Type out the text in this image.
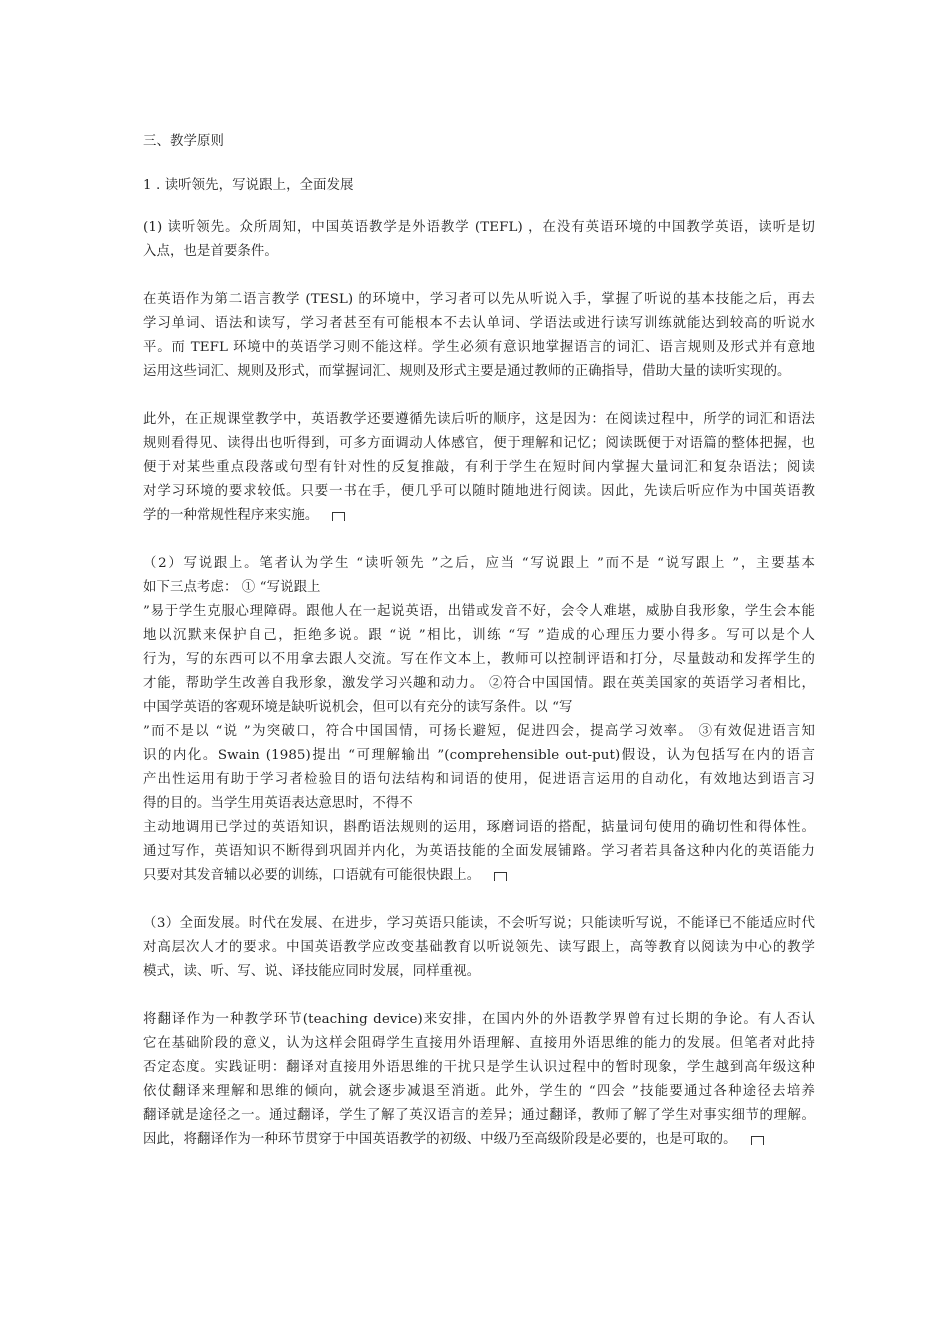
三、教学原则

1 . 读听领先，写说跟上，全面发展

(1) 读听领先。众所周知，中国英语教学是外语教学 (TEFL) ，在没有英语环境的中国教学英语，读听是切
入点，也是首要条件。

在英语作为第二语言教学 (TESL) 的环境中，学习者可以先从听说入手，掌握了听说的基本技能之后，再去
学习单词、语法和读写，学习者甚至有可能根本不去认单词、学语法或进行读写训练就能达到较高的听说水
平。而 TEFL 环境中的英语学习则不能这样。学生必须有意识地掌握语言的词汇、语言规则及形式并有意地
运用这些词汇、规则及形式，而掌握词汇、规则及形式主要是通过教师的正确指导，借助大量的读听实现的。

此外，在正规课堂教学中，英语教学还要遵循先读后听的顺序，这是因为：在阅读过程中，所学的词汇和语法
规则看得见、读得出也听得到，可多方面调动人体感官，便于理解和记忆；阅读既便于对语篇的整体把握，也
便于对某些重点段落或句型有针对性的反复推敲，有利于学生在短时间内掌握大量词汇和复杂语法；阅读
对学习环境的要求较低。只要一书在手，便几乎可以随时随地进行阅读。因此，先读后听应作为中国英语教
学的一种常规性程序来实施。

（2）写说跟上。笔者认为学生 “读听领先 ”之后，应当 “写说跟上 ”而不是 “说写跟上 ”，主要基本
如下三点考虑： ① “写说跟上
”易于学生克服心理障碍。跟他人在一起说英语，出错或发音不好，会令人难堪，威胁自我形象，学生会本能
地以沉默来保护自己，拒绝多说。跟 “说 ”相比，训练 “写 ”造成的心理压力要小得多。写可以是个人
行为，写的东西可以不用拿去跟人交流。写在作文本上，教师可以控制评语和打分，尽量鼓动和发挥学生的
才能，帮助学生改善自我形象，激发学习兴趣和动力。 ②符合中国国情。跟在英美国家的英语学习者相比，
中国学英语的客观环境是缺听说机会，但可以有充分的读写条件。以 “写
”而不是以 “说 ”为突破口，符合中国国情，可扬长避短，促进四会，提高学习效率。 ③有效促进语言知
识的内化。Swain (1985)提出 “可理解输出 ”(comprehensible out-put)假设，认为包括写在内的语言
产出性运用有助于学习者检验目的语句法结构和词语的使用，促进语言运用的自动化，有效地达到语言习
得的目的。当学生用英语表达意思时，不得不
主动地调用已学过的英语知识，斟酌语法规则的运用，琢磨词语的搭配，掂量词句使用的确切性和得体性。
通过写作，英语知识不断得到巩固并内化，为英语技能的全面发展铺路。学习者若具备这种内化的英语能力
只要对其发音辅以必要的训练，口语就有可能很快跟上。

（3）全面发展。时代在发展、在进步，学习英语只能读，不会听写说；只能读听写说，不能译已不能适应时代
对高层次人才的要求。中国英语教学应改变基础教育以听说领先、读写跟上，高等教育以阅读为中心的教学
模式，读、听、写、说、译技能应同时发展，同样重视。

将翻译作为一种教学环节(teaching device)来安排，在国内外的外语教学界曾有过长期的争论。有人否认
它在基础阶段的意义，认为这样会阻碍学生直接用外语理解、直接用外语思维的能力的发展。但笔者对此持
否定态度。实践证明：翻译对直接用外语思维的干扰只是学生认识过程中的暂时现象，学生越到高年级这种
依仗翻译来理解和思维的倾向，就会逐步减退至消逝。此外，学生的 “四会 ”技能要通过各种途径去培养
翻译就是途径之一。通过翻译，学生了解了英汉语言的差异；通过翻译，教师了解了学生对事实细节的理解。
因此，将翻译作为一种环节贯穿于中国英语教学的初级、中级乃至高级阶段是必要的，也是可取的。
